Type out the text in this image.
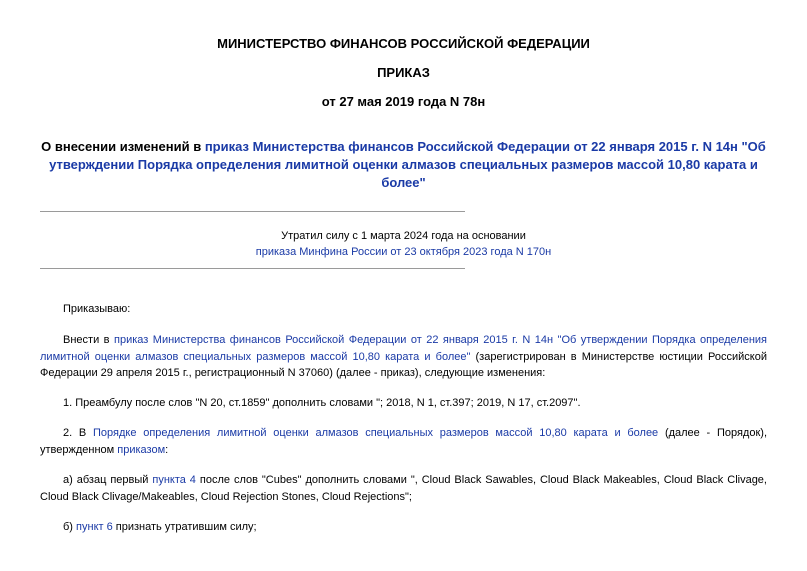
МИНИСТЕРСТВО ФИНАНСОВ РОССИЙСКОЙ ФЕДЕРАЦИИ
ПРИКАЗ
от 27 мая 2019 года N 78н
О внесении изменений в приказ Министерства финансов Российской Федерации от 22 января 2015 г. N 14н "Об утверждении Порядка определения лимитной оценки алмазов специальных размеров массой 10,80 карата и более"
Утратил силу с 1 марта 2024 года на основании
приказа Минфина России от 23 октября 2023 года N 170н
Приказываю:
Внести в приказ Министерства финансов Российской Федерации от 22 января 2015 г. N 14н "Об утверждении Порядка определения лимитной оценки алмазов специальных размеров массой 10,80 карата и более" (зарегистрирован в Министерстве юстиции Российской Федерации 29 апреля 2015 г., регистрационный N 37060) (далее - приказ), следующие изменения:
1. Преамбулу после слов "N 20, ст.1859" дополнить словами "; 2018, N 1, ст.397; 2019, N 17, ст.2097".
2. В Порядке определения лимитной оценки алмазов специальных размеров массой 10,80 карата и более (далее - Порядок), утвержденном приказом:
а) абзац первый пункта 4 после слов "Cubes" дополнить словами ", Cloud Black Sawables, Cloud Black Makeables, Cloud Black Clivage, Cloud Black Clivage/Makeables, Cloud Rejection Stones, Cloud Rejections";
б) пункт 6 признать утратившим силу;
